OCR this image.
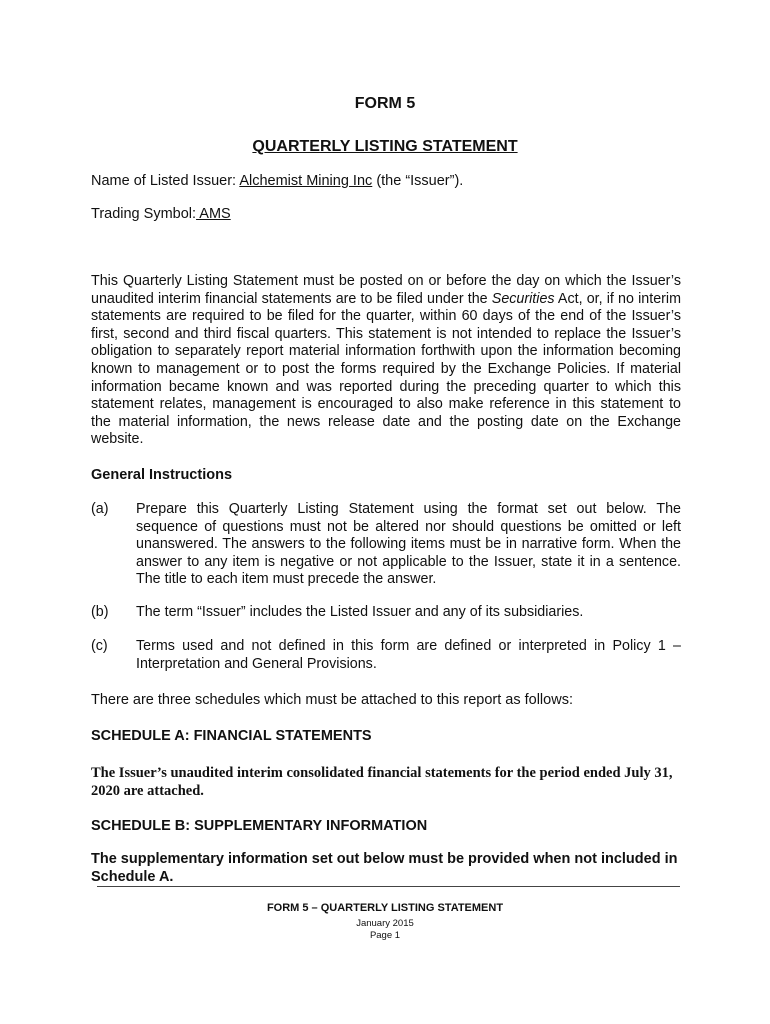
FORM 5
QUARTERLY LISTING STATEMENT
Name of Listed Issuer: Alchemist Mining Inc (the “Issuer”).
Trading Symbol: AMS
This Quarterly Listing Statement must be posted on or before the day on which the Issuer’s unaudited interim financial statements are to be filed under the Securities Act, or, if no interim statements are required to be filed for the quarter, within 60 days of the end of the Issuer’s first, second and third fiscal quarters. This statement is not intended to replace the Issuer’s obligation to separately report material information forthwith upon the information becoming known to management or to post the forms required by the Exchange Policies. If material information became known and was reported during the preceding quarter to which this statement relates, management is encouraged to also make reference in this statement to the material information, the news release date and the posting date on the Exchange website.
General Instructions
(a) Prepare this Quarterly Listing Statement using the format set out below. The sequence of questions must not be altered nor should questions be omitted or left unanswered. The answers to the following items must be in narrative form. When the answer to any item is negative or not applicable to the Issuer, state it in a sentence. The title to each item must precede the answer.
(b) The term “Issuer” includes the Listed Issuer and any of its subsidiaries.
(c) Terms used and not defined in this form are defined or interpreted in Policy 1 – Interpretation and General Provisions.
There are three schedules which must be attached to this report as follows:
SCHEDULE A: FINANCIAL STATEMENTS
The Issuer’s unaudited interim consolidated financial statements for the period ended July 31, 2020 are attached.
SCHEDULE B: SUPPLEMENTARY INFORMATION
The supplementary information set out below must be provided when not included in Schedule A.
FORM 5 – QUARTERLY LISTING STATEMENT
January 2015
Page 1
